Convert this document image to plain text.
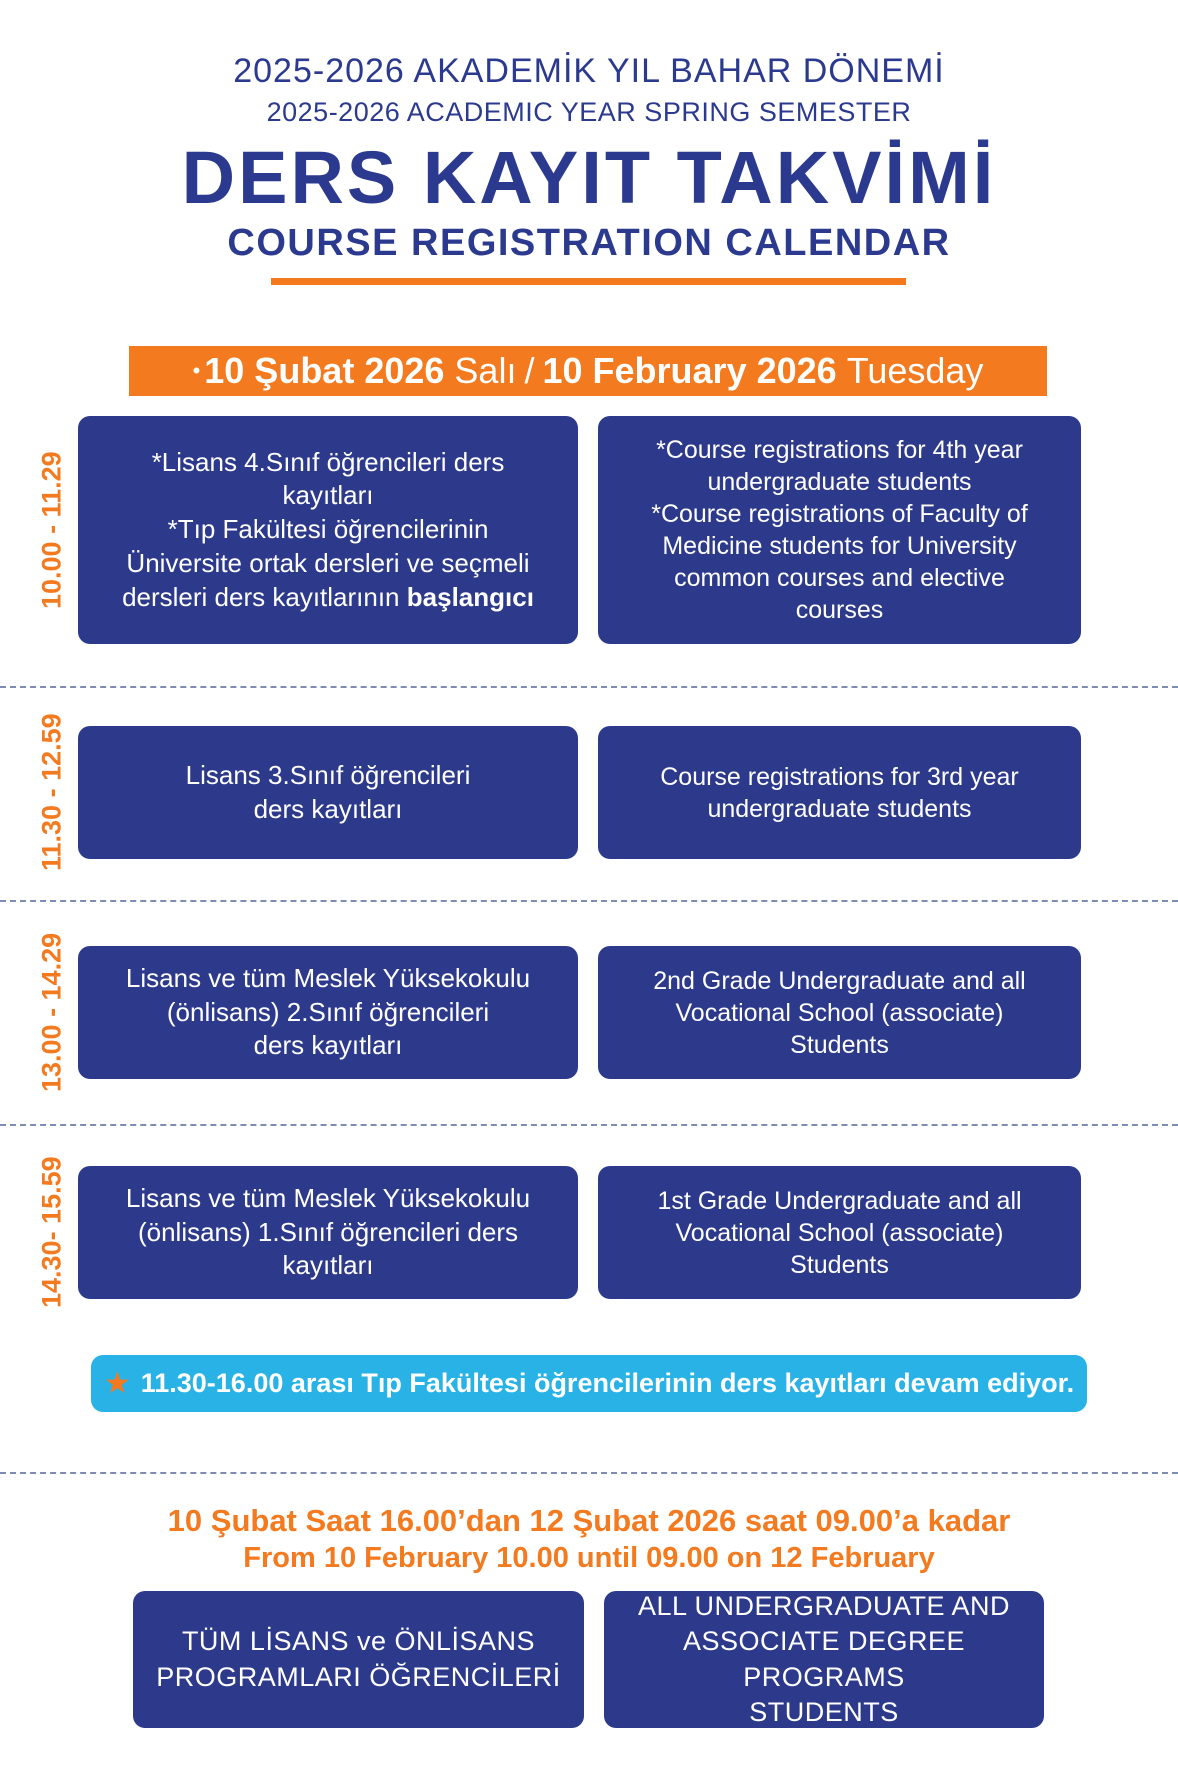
2025-2026 AKADEMİK YIL BAHAR DÖNEMİ
2025-2026 ACADEMIC YEAR SPRING SEMESTER
DERS KAYIT TAKVİMİ
COURSE REGISTRATION CALENDAR
• 10 Şubat 2026
Salı / 10 February 2026
Tuesday
10.00 - 11.29	*Lisans 4.Sınıf öğrencileri ders
kayıtları
*Tıp Fakültesi öğrencilerinin
Üniversite ortak dersleri ve seçmeli
dersleri ders kayıtlarının başlangıcı
*Course registrations for 4th year
undergraduate students
*Course registrations of Faculty of
Medicine students for University
common courses and elective
courses
11.30 - 12.59	Lisans 3.Sınıf öğrencileri
ders kayıtları
Course registrations for 3rd year
undergraduate students
13.00 - 14.29 Lisans ve tüm Meslek Yüksekokulu
(önlisans) 2.Sınıf öğrencileri
ders kayıtları
2nd Grade Undergraduate and all
Vocational School (associate)
Students
14.30- 15.59 Lisans ve tüm Meslek Yüksekokulu
(önlisans) 1.Sınıf öğrencileri ders
kayıtları
1st Grade Undergraduate and all
Vocational School (associate)
Students
★ 11.30-16.00 arası Tıp Fakültesi öğrencilerinin ders kayıtları devam ediyor.
10 Şubat Saat 16.00’dan 12 Şubat 2026 saat 09.00’a kadar
From 10 February 10.00 until 09.00 on 12 February
TÜM LİSANS ve ÖNLİSANS
PROGRAMLARI ÖĞRENCİLERİ
ALL UNDERGRADUATE AND
ASSOCIATE DEGREE PROGRAMS
STUDENTS
